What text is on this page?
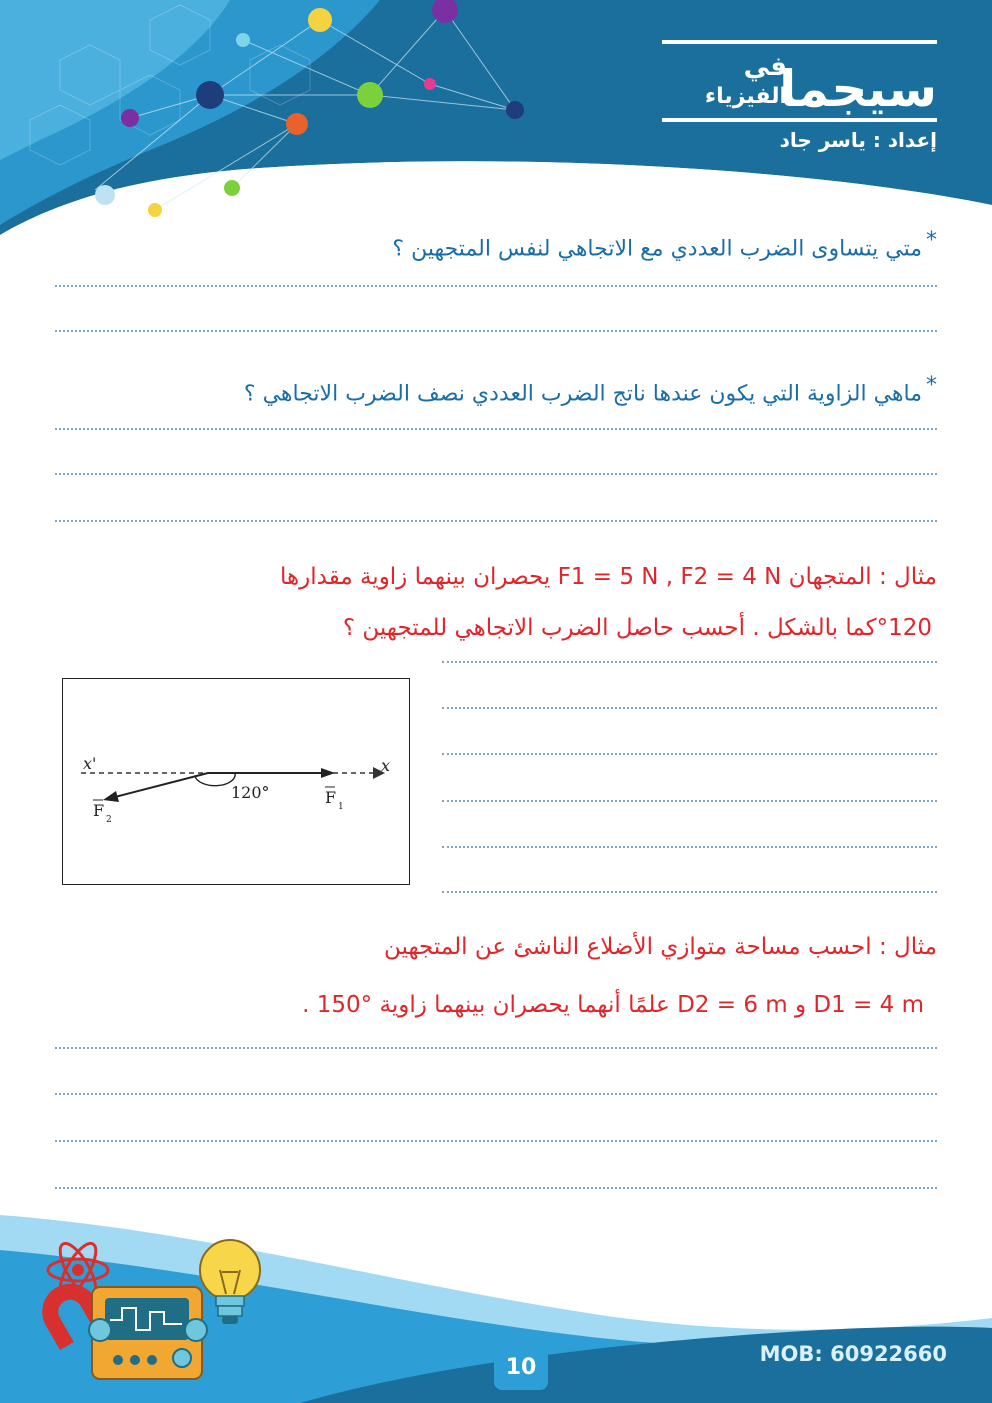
سيجما
في
الفيزياء
إعداد : ياسر جاد
*متي يتساوى الضرب العددي مع الاتجاهي لنفس المتجهين ؟
*ماهي الزاوية التي يكون عندها ناتج الضرب العددي نصف الضرب الاتجاهي ؟
مثال : المتجهان F1 = 5 N , F2 = 4 N يحصران بينهما زاوية مقدارها
°120كما بالشكل . أحسب حاصل الضرب الاتجاهي للمتجهين ؟
x'	x
120°	F 1
F 2
مثال : احسب مساحة متوازي الأضلاع الناشئ عن المتجهين
D1 = 4 m و D2 = 6 m علمًا أنهما يحصران بينهما زاوية °150 .
10
MOB: 60922660
